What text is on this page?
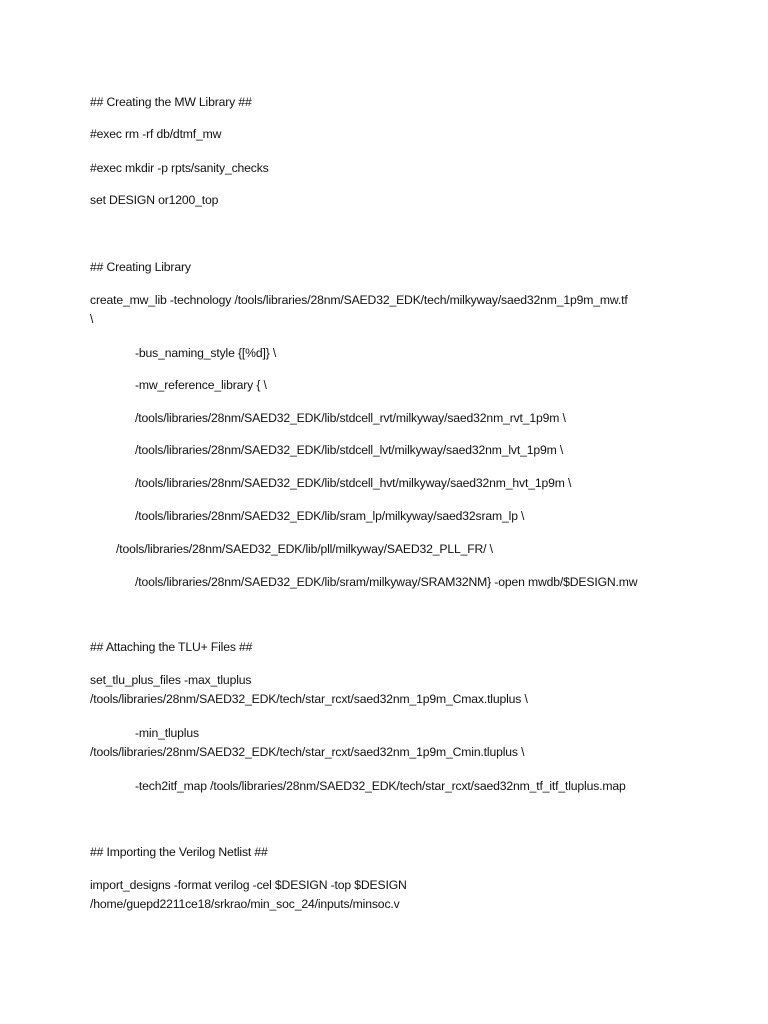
## Creating the MW Library ##
#exec rm -rf db/dtmf_mw
#exec mkdir -p rpts/sanity_checks
set DESIGN or1200_top
## Creating Library
create_mw_lib -technology /tools/libraries/28nm/SAED32_EDK/tech/milkyway/saed32nm_1p9m_mw.tf
\
-bus_naming_style {[%d]} \
-mw_reference_library { \
/tools/libraries/28nm/SAED32_EDK/lib/stdcell_rvt/milkyway/saed32nm_rvt_1p9m \
/tools/libraries/28nm/SAED32_EDK/lib/stdcell_lvt/milkyway/saed32nm_lvt_1p9m \
/tools/libraries/28nm/SAED32_EDK/lib/stdcell_hvt/milkyway/saed32nm_hvt_1p9m \
/tools/libraries/28nm/SAED32_EDK/lib/sram_lp/milkyway/saed32sram_lp \
/tools/libraries/28nm/SAED32_EDK/lib/pll/milkyway/SAED32_PLL_FR/ \
/tools/libraries/28nm/SAED32_EDK/lib/sram/milkyway/SRAM32NM} -open mwdb/$DESIGN.mw
## Attaching the TLU+ Files ##
set_tlu_plus_files -max_tluplus
/tools/libraries/28nm/SAED32_EDK/tech/star_rcxt/saed32nm_1p9m_Cmax.tluplus \
-min_tluplus
/tools/libraries/28nm/SAED32_EDK/tech/star_rcxt/saed32nm_1p9m_Cmin.tluplus \
-tech2itf_map /tools/libraries/28nm/SAED32_EDK/tech/star_rcxt/saed32nm_tf_itf_tluplus.map
## Importing the Verilog Netlist ##
import_designs -format verilog -cel $DESIGN -top $DESIGN
/home/guepd2211ce18/srkrao/min_soc_24/inputs/minsoc.v
